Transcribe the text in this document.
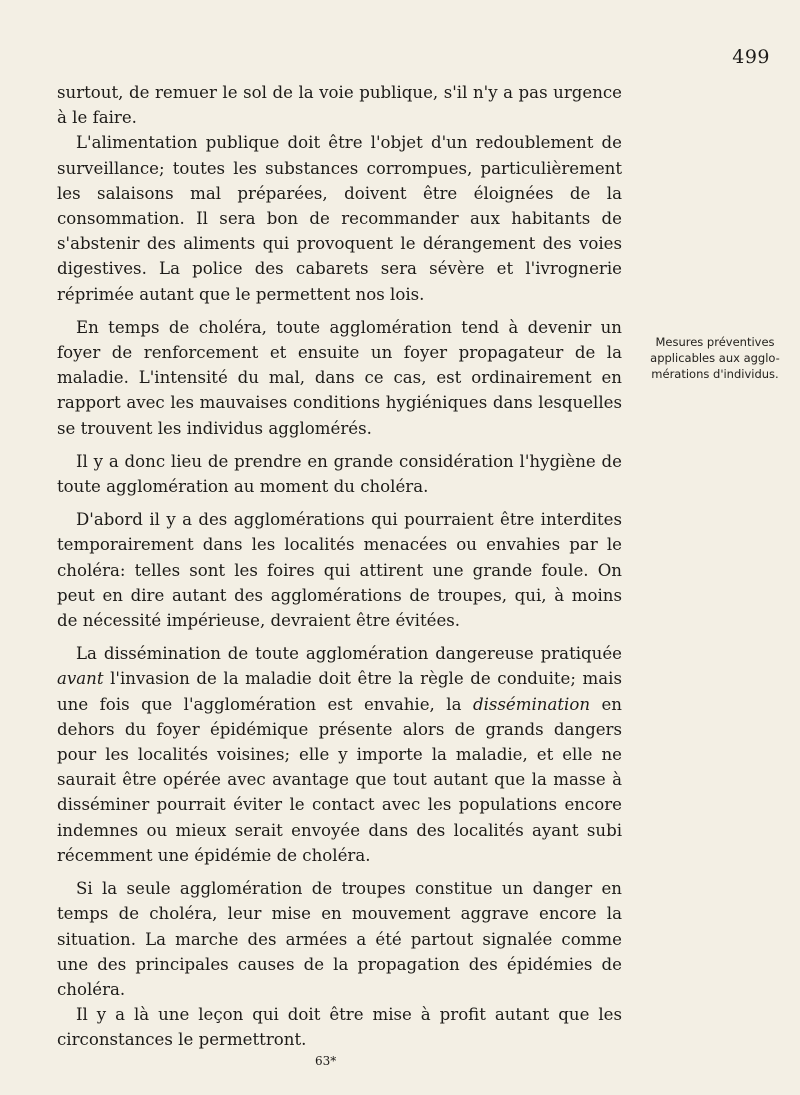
499

surtout, de remuer le sol de la voie publique, s'il n'y a pas urgence à le faire.

L'alimentation publique doit être l'objet d'un redoublement de surveillance; toutes les substances corrompues, particulièrement les salaisons mal préparées, doivent être éloignées de la consommation. Il sera bon de recommander aux habitants de s'abstenir des aliments qui provoquent le dérangement des voies digestives. La police des cabarets sera sévère et l'ivrognerie réprimée autant que le permettent nos lois.

En temps de choléra, toute agglomération tend à devenir un foyer de renforcement et ensuite un foyer propagateur de la maladie. L'intensité du mal, dans ce cas, est ordinairement en rapport avec les mauvaises conditions hygiéniques dans lesquelles se trouvent les individus agglomérés.

Il y a donc lieu de prendre en grande considération l'hygiène de toute agglomération au moment du choléra.

D'abord il y a des agglomérations qui pourraient être interdites temporairement dans les localités menacées ou envahies par le choléra: telles sont les foires qui attirent une grande foule. On peut en dire autant des agglomérations de troupes, qui, à moins de nécessité impérieuse, devraient être évitées.

La dissémination de toute agglomération dangereuse pratiquée avant l'invasion de la maladie doit être la règle de conduite; mais une fois que l'agglomération est envahie, la dissémination en dehors du foyer épidémique présente alors de grands dangers pour les localités voisines; elle y importe la maladie, et elle ne saurait être opérée avec avantage que tout autant que la masse à disséminer pourrait éviter le contact avec les populations encore indemnes ou mieux serait envoyée dans des localités ayant subi récemment une épidémie de choléra.

Si la seule agglomération de troupes constitue un danger en temps de choléra, leur mise en mouvement aggrave encore la situation. La marche des armées a été partout signalée comme une des principales causes de la propagation des épidémies de choléra.

Il y a là une leçon qui doit être mise à profit autant que les circonstances le permettront.

Mesures préventives
applicables aux agglo-
mérations d'individus.
63*
